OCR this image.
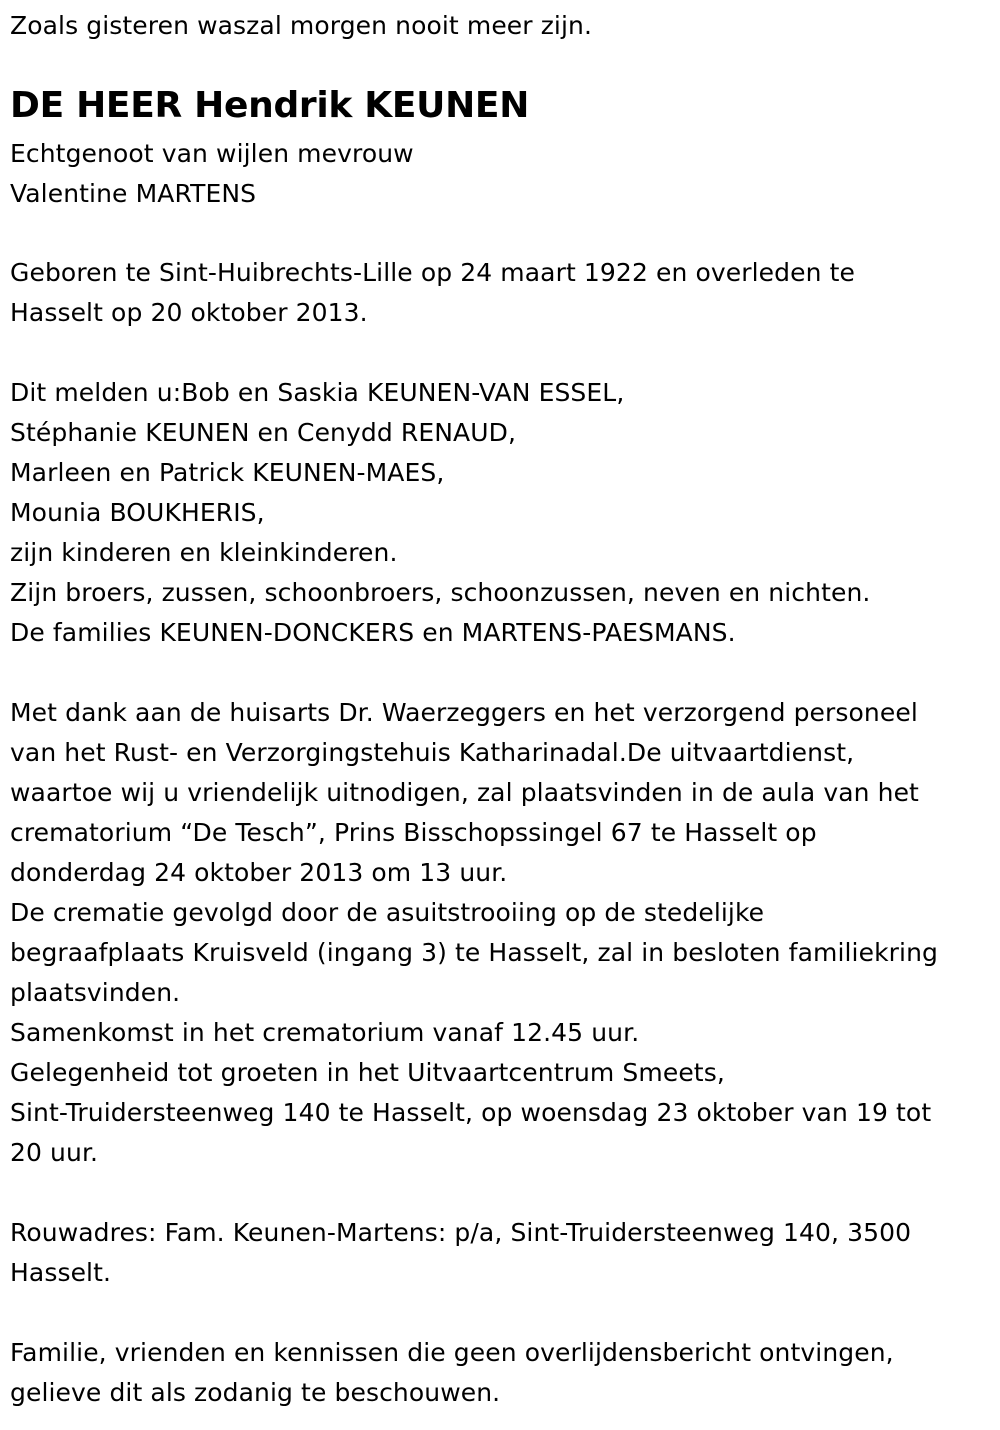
Zoals gisteren waszal morgen nooit meer zijn.
DE HEER Hendrik KEUNEN
Echtgenoot van wijlen mevrouw
Valentine MARTENS
Geboren te Sint-Huibrechts-Lille op 24 maart 1922 en overleden te
Hasselt op 20 oktober 2013.
Dit melden u:Bob en Saskia KEUNEN-VAN ESSEL,
Stéphanie KEUNEN en Cenydd RENAUD,
Marleen en Patrick KEUNEN-MAES,
Mounia BOUKHERIS,
zijn kinderen en kleinkinderen.
Zijn broers, zussen, schoonbroers, schoonzussen, neven en nichten.
De families KEUNEN-DONCKERS en MARTENS-PAESMANS.
Met dank aan de huisarts Dr. Waerzeggers en het verzorgend personeel
van het Rust- en Verzorgingstehuis Katharinadal.De uitvaartdienst,
waartoe wij u vriendelijk uitnodigen, zal plaatsvinden in de aula van het
crematorium “De Tesch”, Prins Bisschopssingel 67 te Hasselt op
donderdag 24 oktober 2013 om 13 uur.
De crematie gevolgd door de asuitstrooiing op de stedelijke
begraafplaats Kruisveld (ingang 3) te Hasselt, zal in besloten familiekring
plaatsvinden.
Samenkomst in het crematorium vanaf 12.45 uur.
Gelegenheid tot groeten in het Uitvaartcentrum Smeets,
Sint-Truidersteenweg 140 te Hasselt, op woensdag 23 oktober van 19 tot
20 uur.
Rouwadres: Fam. Keunen-Martens: p/a, Sint-Truidersteenweg 140, 3500
Hasselt.
Familie, vrienden en kennissen die geen overlijdensbericht ontvingen,
gelieve dit als zodanig te beschouwen.
